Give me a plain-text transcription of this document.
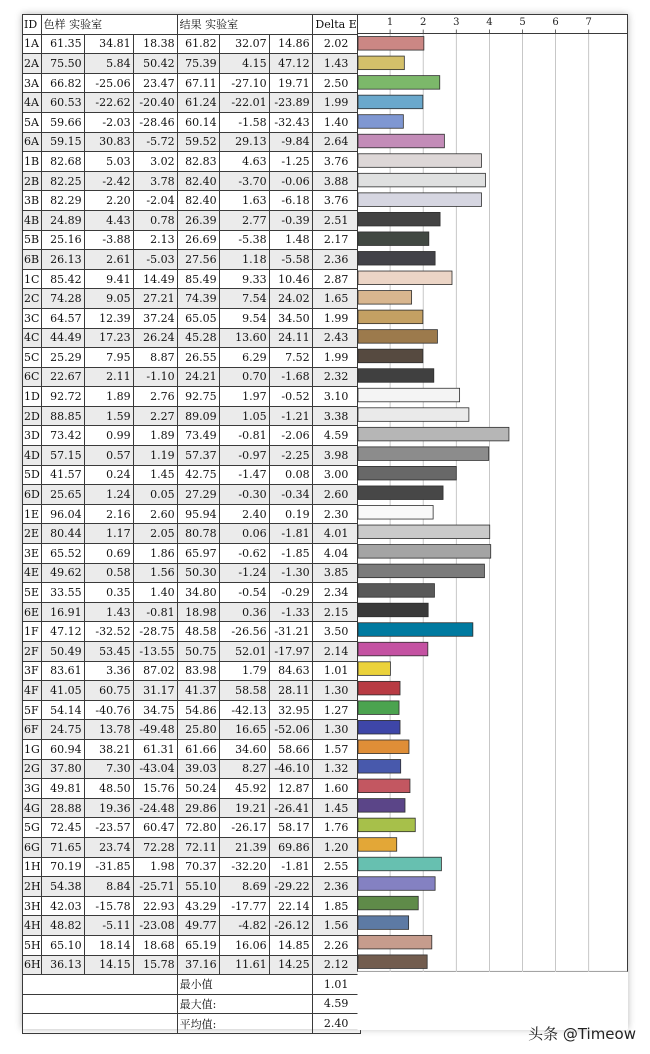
ID	色样 实验室			结果 实验室			Delta E
1A	61.35	34.81	18.38	61.82	32.07	14.86	2.02
2A	75.50	5.84	50.42	75.39	4.15	47.12	1.43
3A	66.82	-25.06	23.47	67.11	-27.10	19.71	2.50
4A	60.53	-22.62	-20.40	61.24	-22.01	-23.89	1.99
5A	59.66	-2.03	-28.46	60.14	-1.58	-32.43	1.40
6A	59.15	30.83	-5.72	59.52	29.13	-9.84	2.64
1B	82.68	5.03	3.02	82.83	4.63	-1.25	3.76
2B	82.25	-2.42	3.78	82.40	-3.70	-0.06	3.88
3B	82.29	2.20	-2.04	82.40	1.63	-6.18	3.76
4B	24.89	4.43	0.78	26.39	2.77	-0.39	2.51
5B	25.16	-3.88	2.13	26.69	-5.38	1.48	2.17
6B	26.13	2.61	-5.03	27.56	1.18	-5.58	2.36
1C	85.42	9.41	14.49	85.49	9.33	10.46	2.87
2C	74.28	9.05	27.21	74.39	7.54	24.02	1.65
3C	64.57	12.39	37.24	65.05	9.54	34.50	1.99
4C	44.49	17.23	26.24	45.28	13.60	24.11	2.43
5C	25.29	7.95	8.87	26.55	6.29	7.52	1.99
6C	22.67	2.11	-1.10	24.21	0.70	-1.68	2.32
1D	92.72	1.89	2.76	92.75	1.97	-0.52	3.10
2D	88.85	1.59	2.27	89.09	1.05	-1.21	3.38
3D	73.42	0.99	1.89	73.49	-0.81	-2.06	4.59
4D	57.15	0.57	1.19	57.37	-0.97	-2.25	3.98
5D	41.57	0.24	1.45	42.75	-1.47	0.08	3.00
6D	25.65	1.24	0.05	27.29	-0.30	-0.34	2.60
1E	96.04	2.16	2.60	95.94	2.40	0.19	2.30
2E	80.44	1.17	2.05	80.78	0.06	-1.81	4.01
3E	65.52	0.69	1.86	65.97	-0.62	-1.85	4.04
4E	49.62	0.58	1.56	50.30	-1.24	-1.30	3.85
5E	33.55	0.35	1.40	34.80	-0.54	-0.29	2.34
6E	16.91	1.43	-0.81	18.98	0.36	-1.33	2.15
1F	47.12	-32.52	-28.75	48.58	-26.56	-31.21	3.50
2F	50.49	53.45	-13.55	50.75	52.01	-17.97	2.14
3F	83.61	3.36	87.02	83.98	1.79	84.63	1.01
4F	41.05	60.75	31.17	41.37	58.58	28.11	1.30
5F	54.14	-40.76	34.75	54.86	-42.13	32.95	1.27
6F	24.75	13.78	-49.48	25.80	16.65	-52.06	1.30
1G	60.94	38.21	61.31	61.66	34.60	58.66	1.57
2G	37.80	7.30	-43.04	39.03	8.27	-46.10	1.32
3G	49.81	48.50	15.76	50.24	45.92	12.87	1.60
4G	28.88	19.36	-24.48	29.86	19.21	-26.41	1.45
5G	72.45	-23.57	60.47	72.80	-26.17	58.17	1.76
6G	71.65	23.74	72.28	72.11	21.39	69.86	1.20
1H	70.19	-31.85	1.98	70.37	-32.20	-1.81	2.55
2H	54.38	8.84	-25.71	55.10	8.69	-29.22	2.36
3H	42.03	-15.78	22.93	43.29	-17.77	22.14	1.85
4H	48.82	-5.11	-23.08	49.77	-4.82	-26.12	1.56
5H	65.10	18.14	18.68	65.19	16.06	14.85	2.26
6H	36.13	14.15	15.78	37.16	11.61	14.25	2.12
				最小值			1.01
				最大值:			4.59
				平均值:			2.40
1	2	3	4	5	6	7
头条 @Timeow
